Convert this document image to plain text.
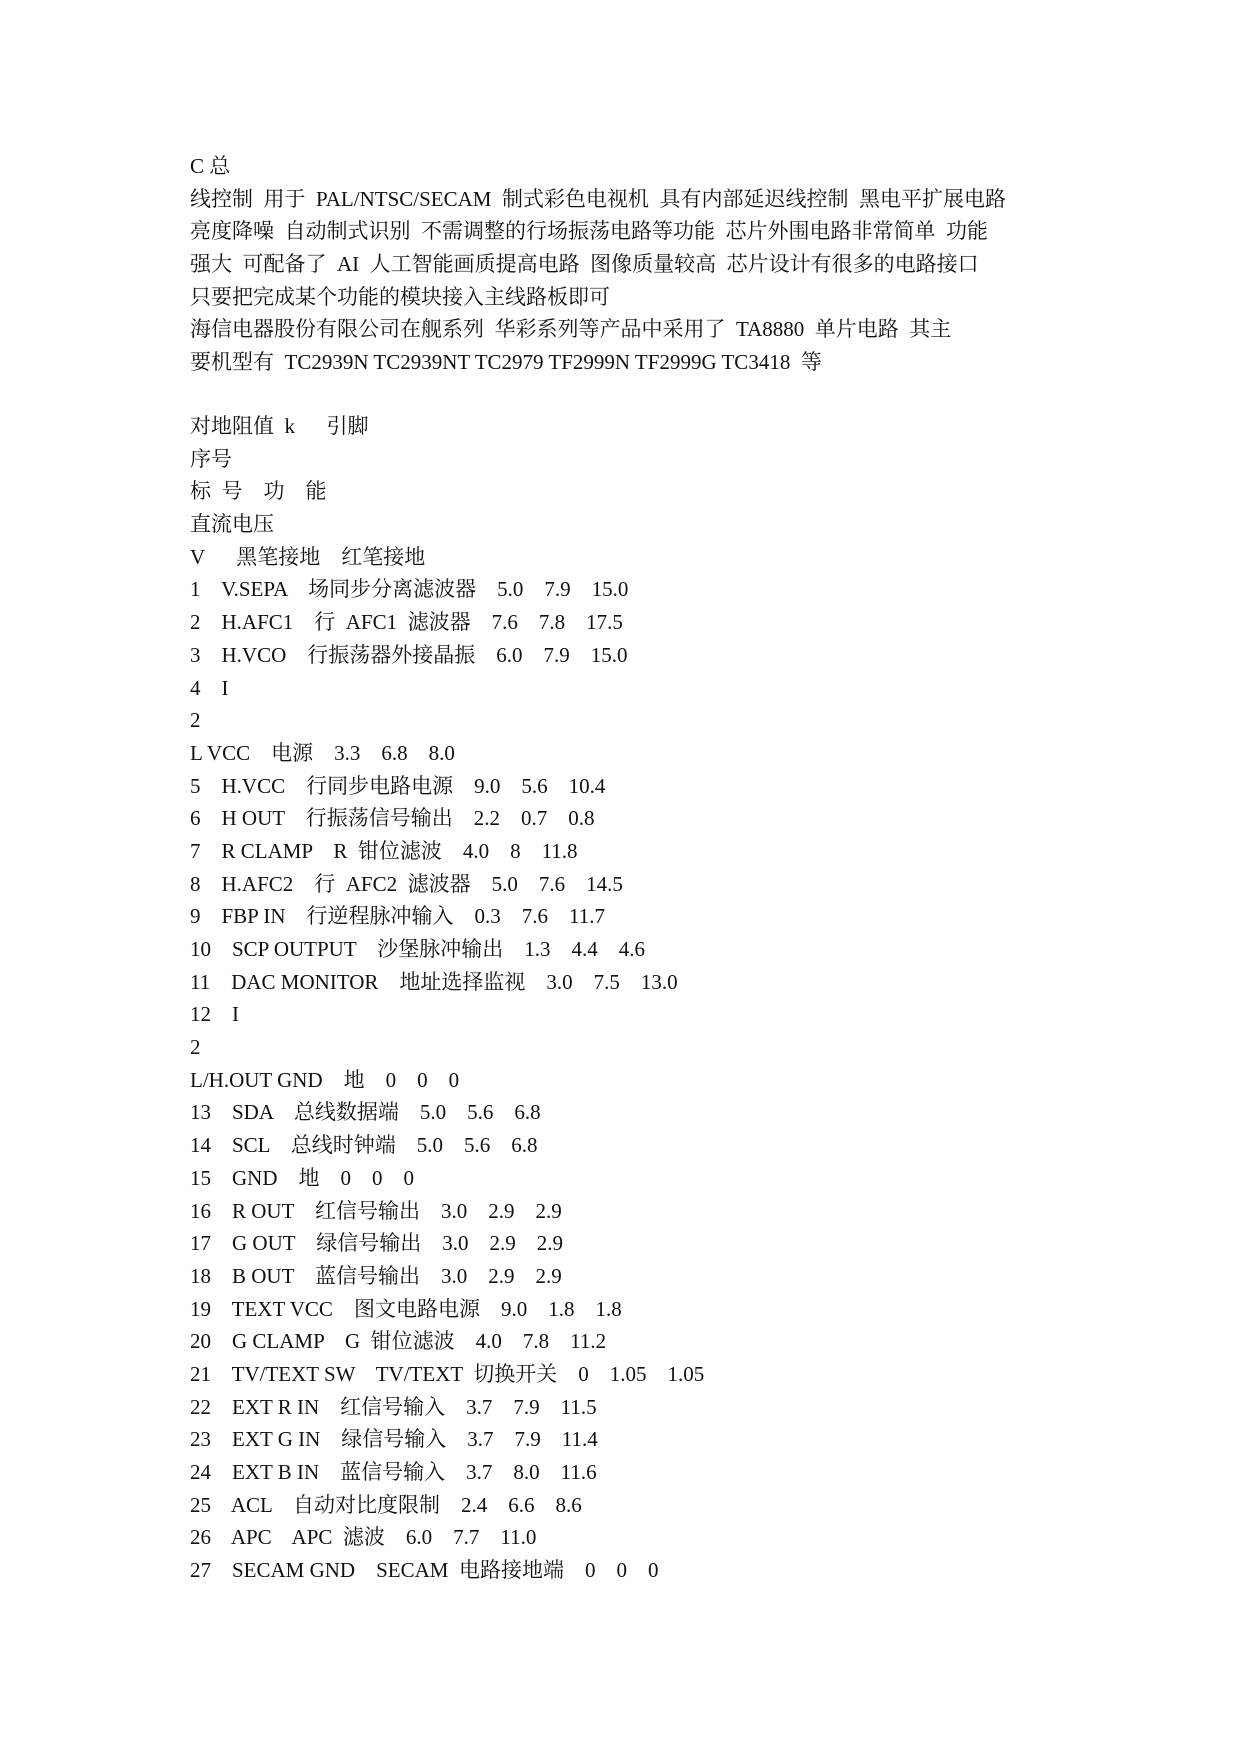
C 总
线控制  用于  PAL/NTSC/SECAM  制式彩色电视机  具有内部延迟线控制  黑电平扩展电路
亮度降噪  自动制式识别  不需调整的行场振荡电路等功能  芯片外围电路非常简单  功能
强大  可配备了  AI  人工智能画质提高电路  图像质量较高  芯片设计有很多的电路接口
只要把完成某个功能的模块接入主线路板即可
海信电器股份有限公司在舰系列  华彩系列等产品中采用了  TA8880  单片电路  其主
要机型有  TC2939N TC2939NT TC2979 TF2999N TF2999G TC3418  等
对地阻值  k      引脚
序号
标  号    功    能
直流电压
V      黑笔接地    红笔接地
1    V.SEPA    场同步分离滤波器    5.0    7.9    15.0
2    H.AFC1    行  AFC1  滤波器    7.6    7.8    17.5
3    H.VCO    行振荡器外接晶振    6.0    7.9    15.0
4    I
2
L VCC    电源    3.3    6.8    8.0
5    H.VCC    行同步电路电源    9.0    5.6    10.4
6    H OUT    行振荡信号输出    2.2    0.7    0.8
7    R CLAMP    R  钳位滤波    4.0    8    11.8
8    H.AFC2    行  AFC2  滤波器    5.0    7.6    14.5
9    FBP IN    行逆程脉冲输入    0.3    7.6    11.7
10    SCP OUTPUT    沙堡脉冲输出    1.3    4.4    4.6
11    DAC MONITOR    地址选择监视    3.0    7.5    13.0
12    I
2
L/H.OUT GND    地    0    0    0
13    SDA    总线数据端    5.0    5.6    6.8
14    SCL    总线时钟端    5.0    5.6    6.8
15    GND    地    0    0    0
16    R OUT    红信号输出    3.0    2.9    2.9
17    G OUT    绿信号输出    3.0    2.9    2.9
18    B OUT    蓝信号输出    3.0    2.9    2.9
19    TEXT VCC    图文电路电源    9.0    1.8    1.8
20    G CLAMP    G  钳位滤波    4.0    7.8    11.2
21    TV/TEXT SW    TV/TEXT  切换开关    0    1.05    1.05
22    EXT R IN    红信号输入    3.7    7.9    11.5
23    EXT G IN    绿信号输入    3.7    7.9    11.4
24    EXT B IN    蓝信号输入    3.7    8.0    11.6
25    ACL    自动对比度限制    2.4    6.6    8.6
26    APC    APC  滤波    6.0    7.7    11.0
27    SECAM GND    SECAM  电路接地端    0    0    0
